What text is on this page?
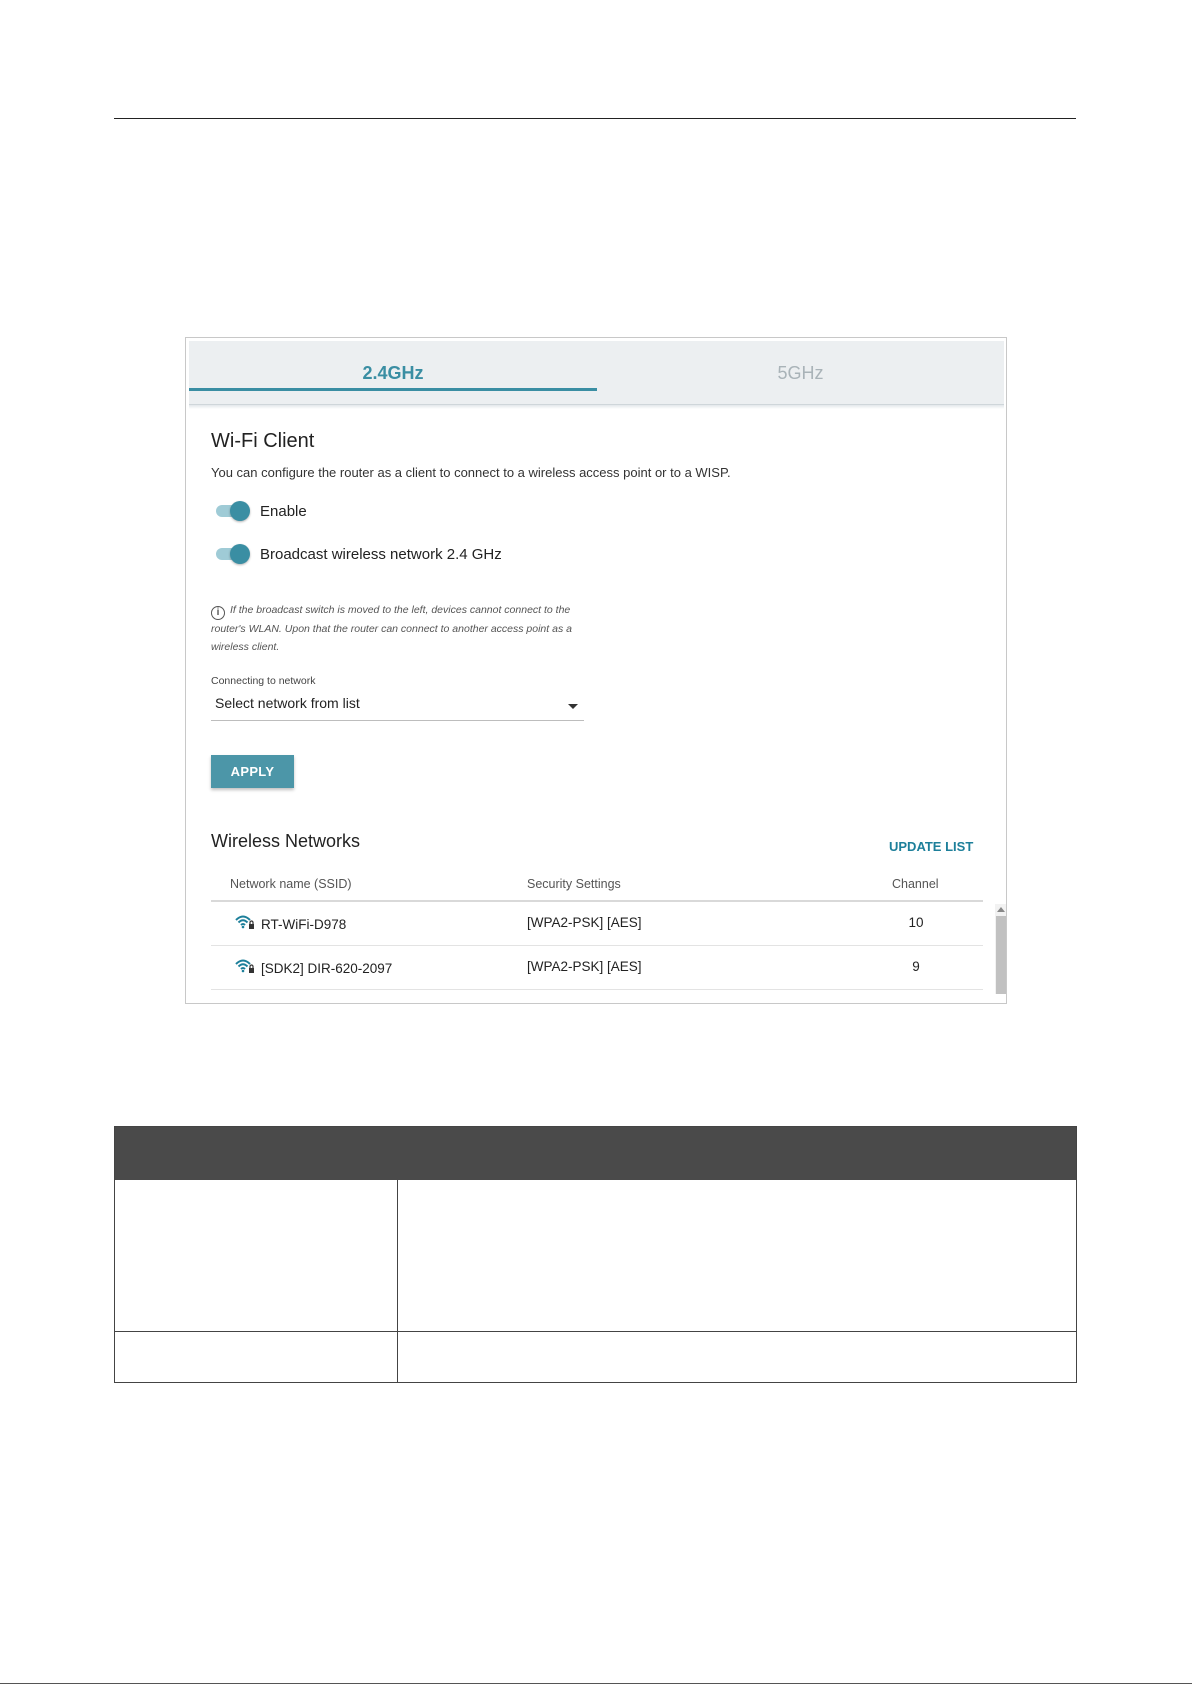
2.4GHz	5GHz
Wi-Fi Client
You can configure the router as a client to connect to a wireless access point or to a WISP.
Enable
Broadcast wireless network 2.4 GHz
i If the broadcast switch is moved to the left, devices cannot connect to the router's WLAN. Upon that the router can connect to another access point as a wireless client.
Connecting to network
Select network from list
APPLY
Wireless Networks	UPDATE LIST
Network name (SSID)	Security Settings	Channel
RT-WiFi-D978	[WPA2-PSK] [AES]	10
[SDK2] DIR-620-2097	[WPA2-PSK] [AES]	9
